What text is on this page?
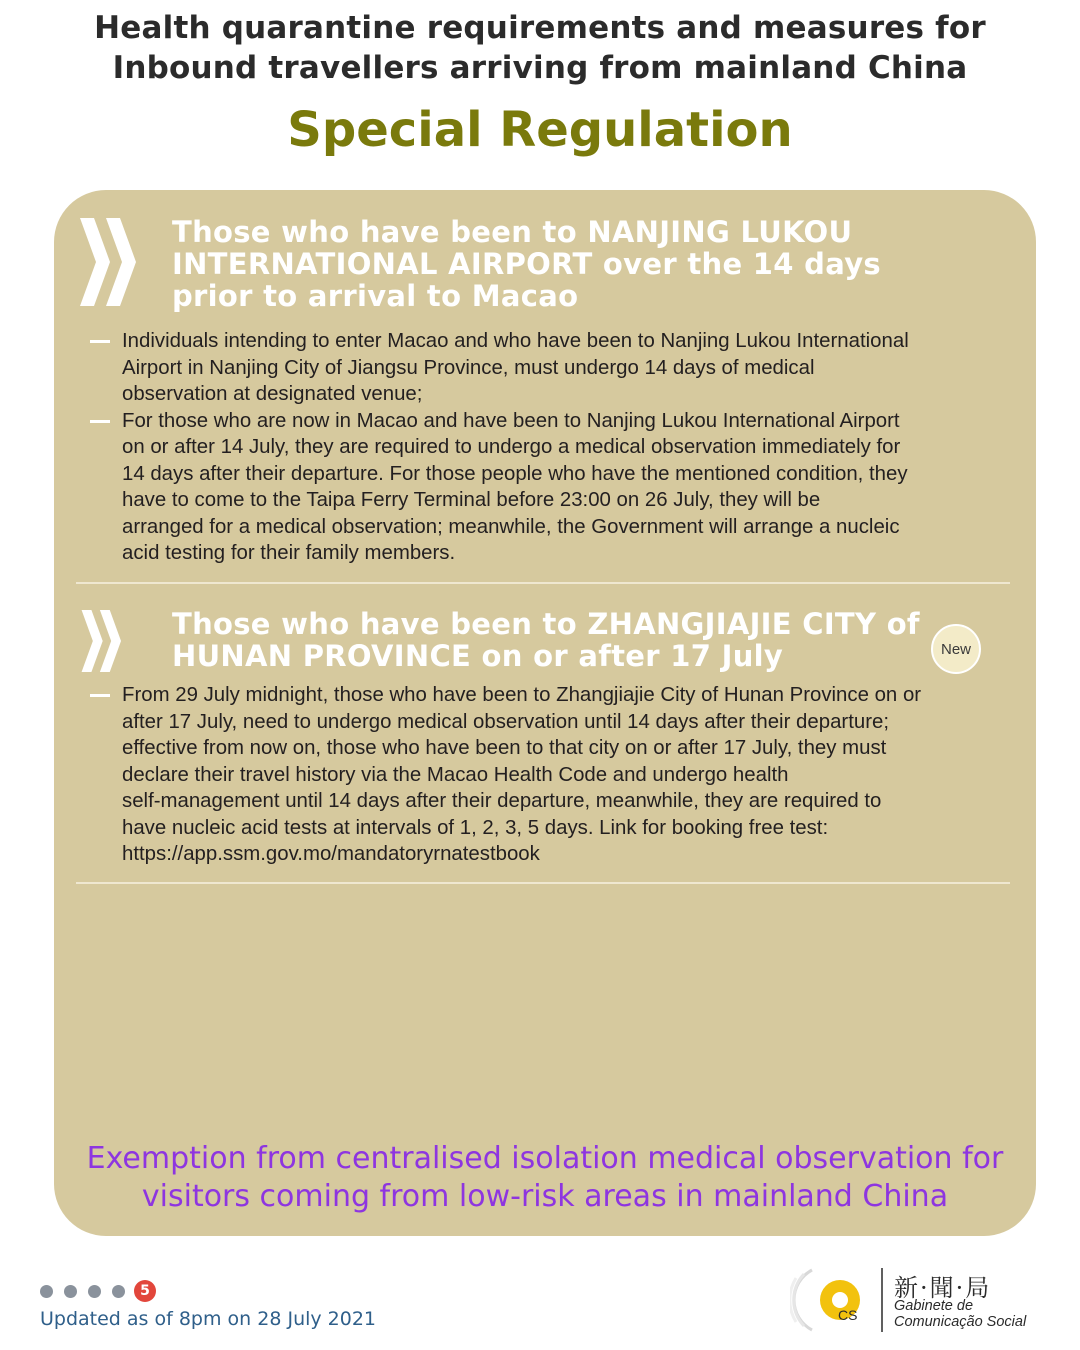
Health quarantine requirements and measures for
Inbound travellers arriving from mainland China
Special Regulation
Those who have been to NANJING LUKOU
INTERNATIONAL AIRPORT over the 14 days
prior to arrival to Macao
Individuals intending to enter Macao and who have been to Nanjing Lukou International
Airport in Nanjing City of Jiangsu Province, must undergo 14 days of medical
observation at designated venue;
For those who are now in Macao and have been to Nanjing Lukou International Airport
on or after 14 July, they are required to undergo a medical observation immediately for
14 days after their departure. For those people who have the mentioned condition, they
have to come to the Taipa Ferry Terminal before 23:00 on 26 July, they will be
arranged for a medical observation; meanwhile, the Government will arrange a nucleic
acid testing for their family members.
Those who have been to ZHANGJIAJIE CITY of
HUNAN PROVINCE on or after 17 July	New
From 29 July midnight, those who have been to Zhangjiajie City of Hunan Province on or
after 17 July, need to undergo medical observation until 14 days after their departure;
effective from now on, those who have been to that city on or after 17 July, they must
declare their travel history via the Macao Health Code and undergo health
self-management until 14 days after their departure, meanwhile, they are required to
have nucleic acid tests at intervals of 1, 2, 3, 5 days. Link for booking free test:
https://app.ssm.gov.mo/mandatoryrnatestbook
Exemption from centralised isolation medical observation for
visitors coming from low-risk areas in mainland China
5
Updated as of 8pm on 28 July 2021	CS
新·聞·局
Gabinete de
Comunicação Social
